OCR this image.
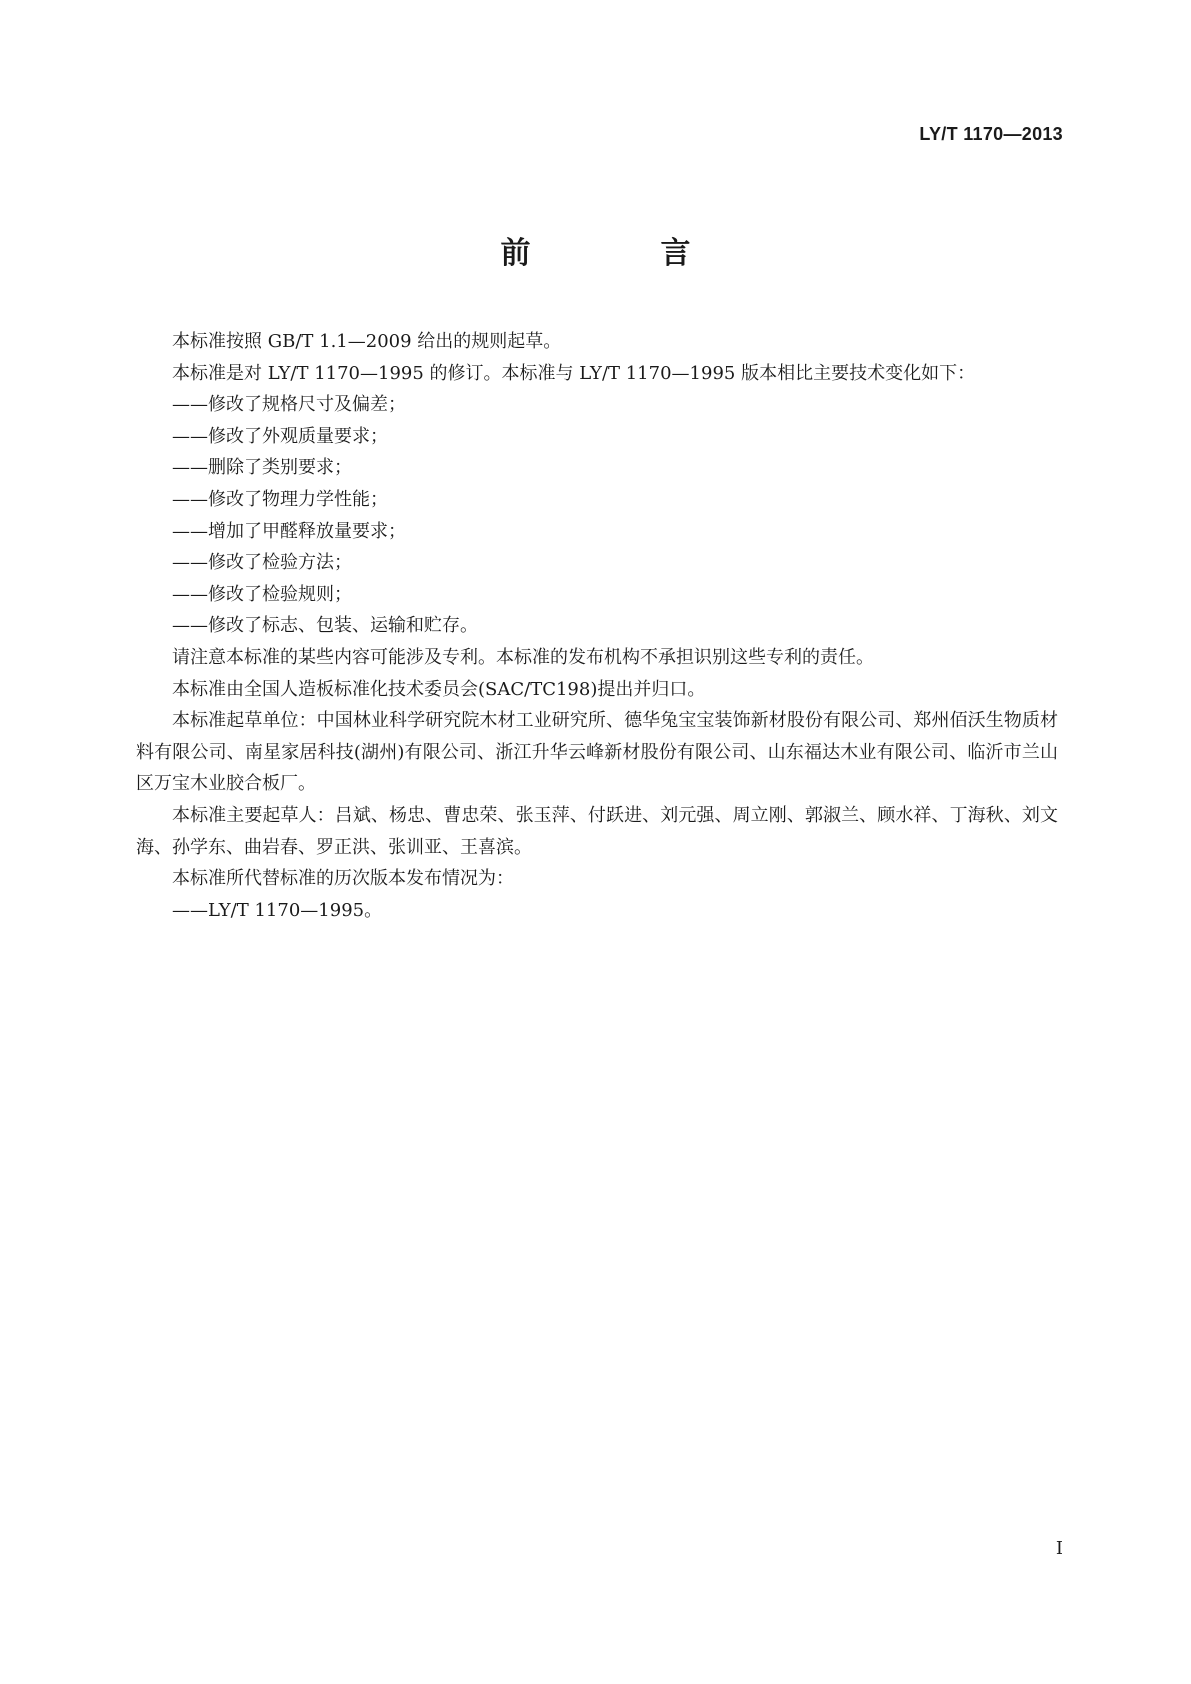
LY/T 1170—2013
前　言

本标准按照 GB/T 1.1—2009 给出的规则起草。

本标准是对 LY/T 1170—1995 的修订。本标准与 LY/T 1170—1995 版本相比主要技术变化如下：

——修改了规格尺寸及偏差；

——修改了外观质量要求；

——删除了类别要求；

——修改了物理力学性能；

——增加了甲醛释放量要求；

——修改了检验方法；

——修改了检验规则；

——修改了标志、包装、运输和贮存。

请注意本标准的某些内容可能涉及专利。本标准的发布机构不承担识别这些专利的责任。

本标准由全国人造板标准化技术委员会(SAC/TC198)提出并归口。

本标准起草单位：中国林业科学研究院木材工业研究所、德华兔宝宝装饰新材股份有限公司、郑州佰沃生物质材料有限公司、南星家居科技(湖州)有限公司、浙江升华云峰新材股份有限公司、山东福达木业有限公司、临沂市兰山区万宝木业胶合板厂。

本标准主要起草人：吕斌、杨忠、曹忠荣、张玉萍、付跃进、刘元强、周立刚、郭淑兰、顾水祥、丁海秋、刘文海、孙学东、曲岩春、罗正洪、张训亚、王喜滨。

本标准所代替标准的历次版本发布情况为：

——LY/T 1170—1995。

I
